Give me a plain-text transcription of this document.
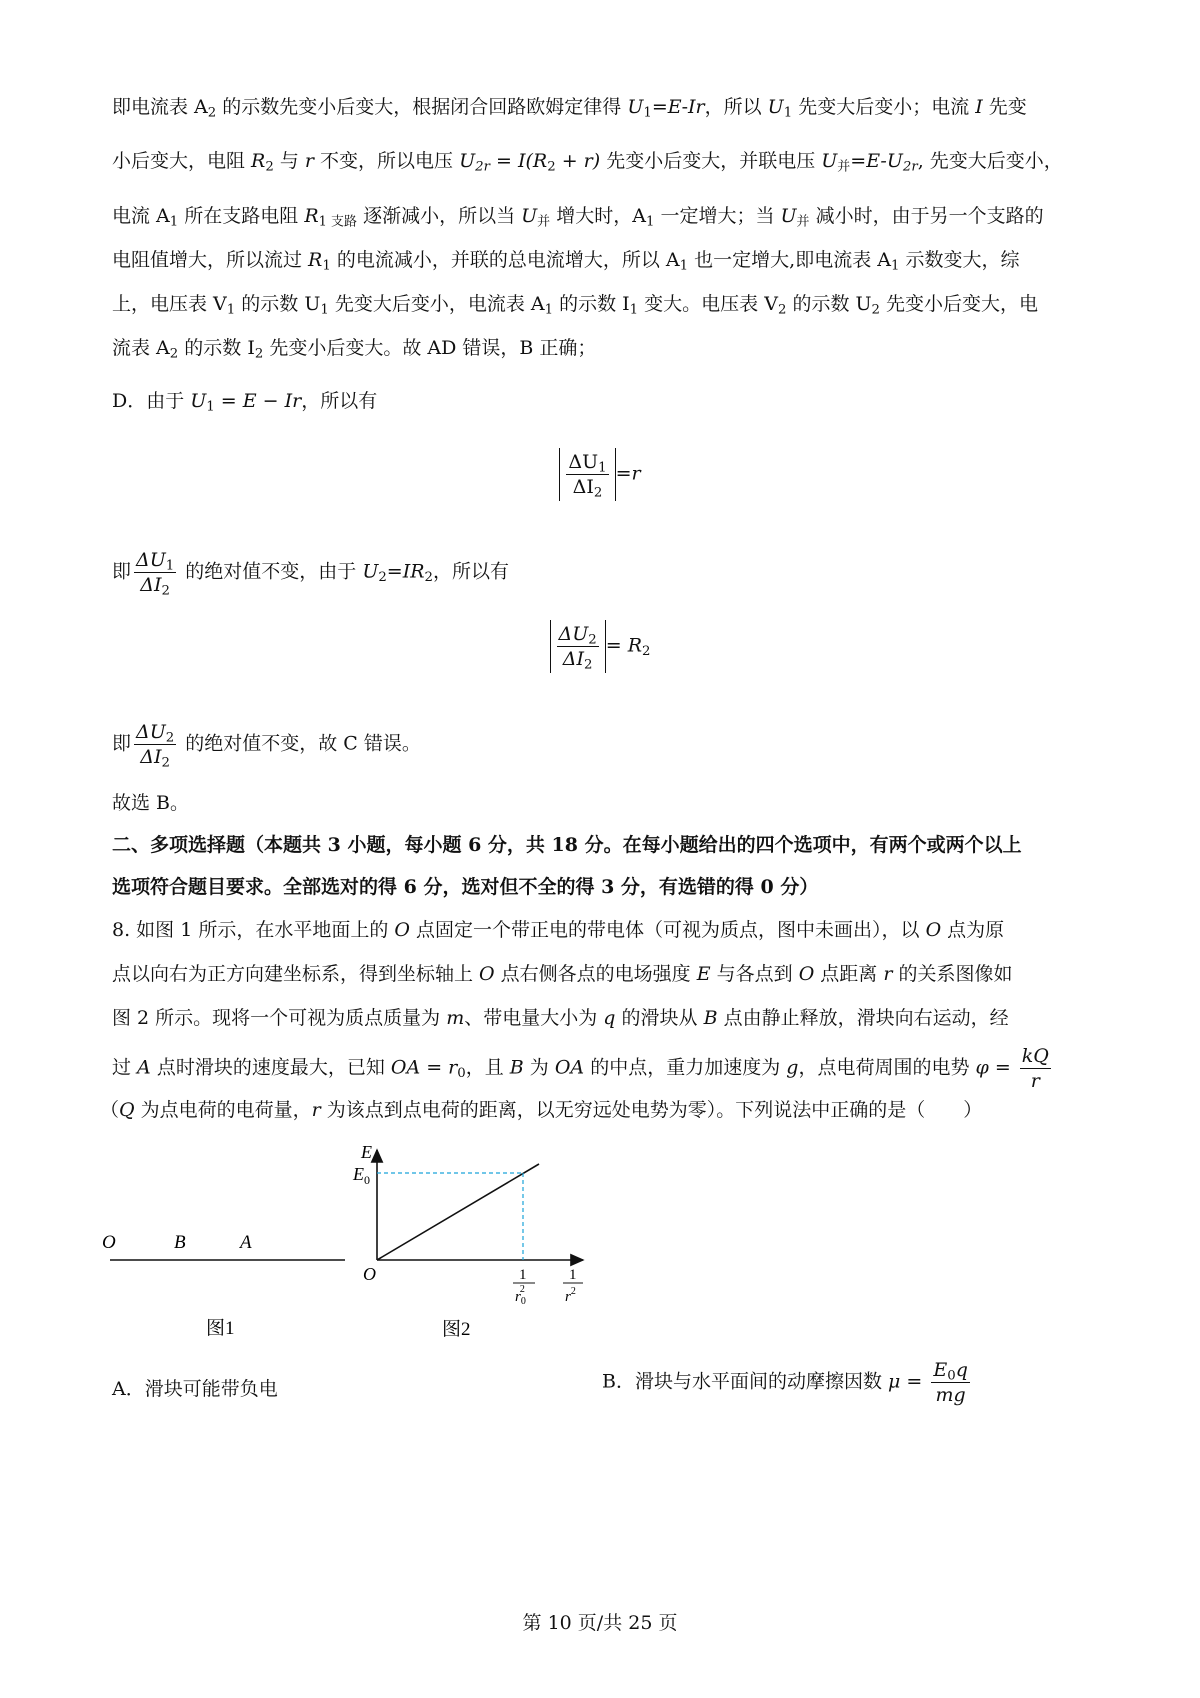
即电流表 $A_2$ 的示数先变小后变大，根据闭合回路欧姆定律得 $U_1=E-Ir$，所以 $U_1$ 先变大后变小；电流 I 先变
小后变大，电阻 $R_2$ 与 r 不变，所以电压 $U_{2r} = I(R_2 + r)$ 先变小后变大，并联电压 $U_并=E-U_{2r}$, 先变大后变小，
电流 $A_1$ 所在支路电阻 $R_{1 支路}$ 逐渐减小，所以当 $U_并$ 增大时，$A_1$ 一定增大；当 $U_并$ 减小时，由于另一个支路的
电阻值增大，所以流过 $R_1$ 的电流减小，并联的总电流增大，所以 $A_1$ 也一定增大,即电流表 $A_1$ 示数变大，综
上，电压表 $V_1$ 的示数 $U_1$ 先变大后变小，电流表 $A_1$ 的示数 $I_1$ 变大。电压表 $V_2$ 的示数 $U_2$ 先变小后变大，电
流表 $A_2$ 的示数 $I_2$ 先变小后变大。故 AD 错误，B 正确；
D．由于 $U_1 = E - Ir$，所以有
$\frac{\Delta U_1}{\Delta I_2} =r$
即 $\frac{\Delta U_1}{\Delta I_2}$ 的绝对值不变，由于 $U_2=IR_2$，所以有
$\frac{\Delta U_2}{\Delta I_2} = R_2$
即 $\frac{\Delta U_2}{\Delta I_2}$ 的绝对值不变，故 C 错误。
故选 B。
二、多项选择题（本题共 3 小题，每小题 6 分，共 18 分。在每小题给出的四个选项中，有两个或两个以上
选项符合题目要求。全部选对的得 6 分，选对但不全的得 3 分，有选错的得 0 分）
8. 如图 1 所示，在水平地面上的 O 点固定一个带正电的带电体（可视为质点，图中未画出），以 O 点为原
点以向右为正方向建坐标系，得到坐标轴上 O 点右侧各点的电场强度 E 与各点到 O 点距离 r 的关系图像如
图 2 所示。现将一个可视为质点质量为 m、带电量大小为 q 的滑块从 B 点由静止释放，滑块向右运动，经
过 A 点时滑块的速度最大，已知 OA = $r_0$，且 B 为 OA 的中点，重力加速度为 g，点电荷周围的电势 $\varphi = \frac{kQ}{r}$
（Q 为点电荷的电荷量，r 为该点到点电荷的距离，以无穷远处电势为零）。下列说法中正确的是（　　）
O	B	A
图1
E
$E_0$
O	1
$r_02$
1
$r^2$
图2
A．滑块可能带负电	B．滑块与水平面间的动摩擦因数 $\mu = \frac{E_0q}{mg}$
第 10 页/共 25 页
